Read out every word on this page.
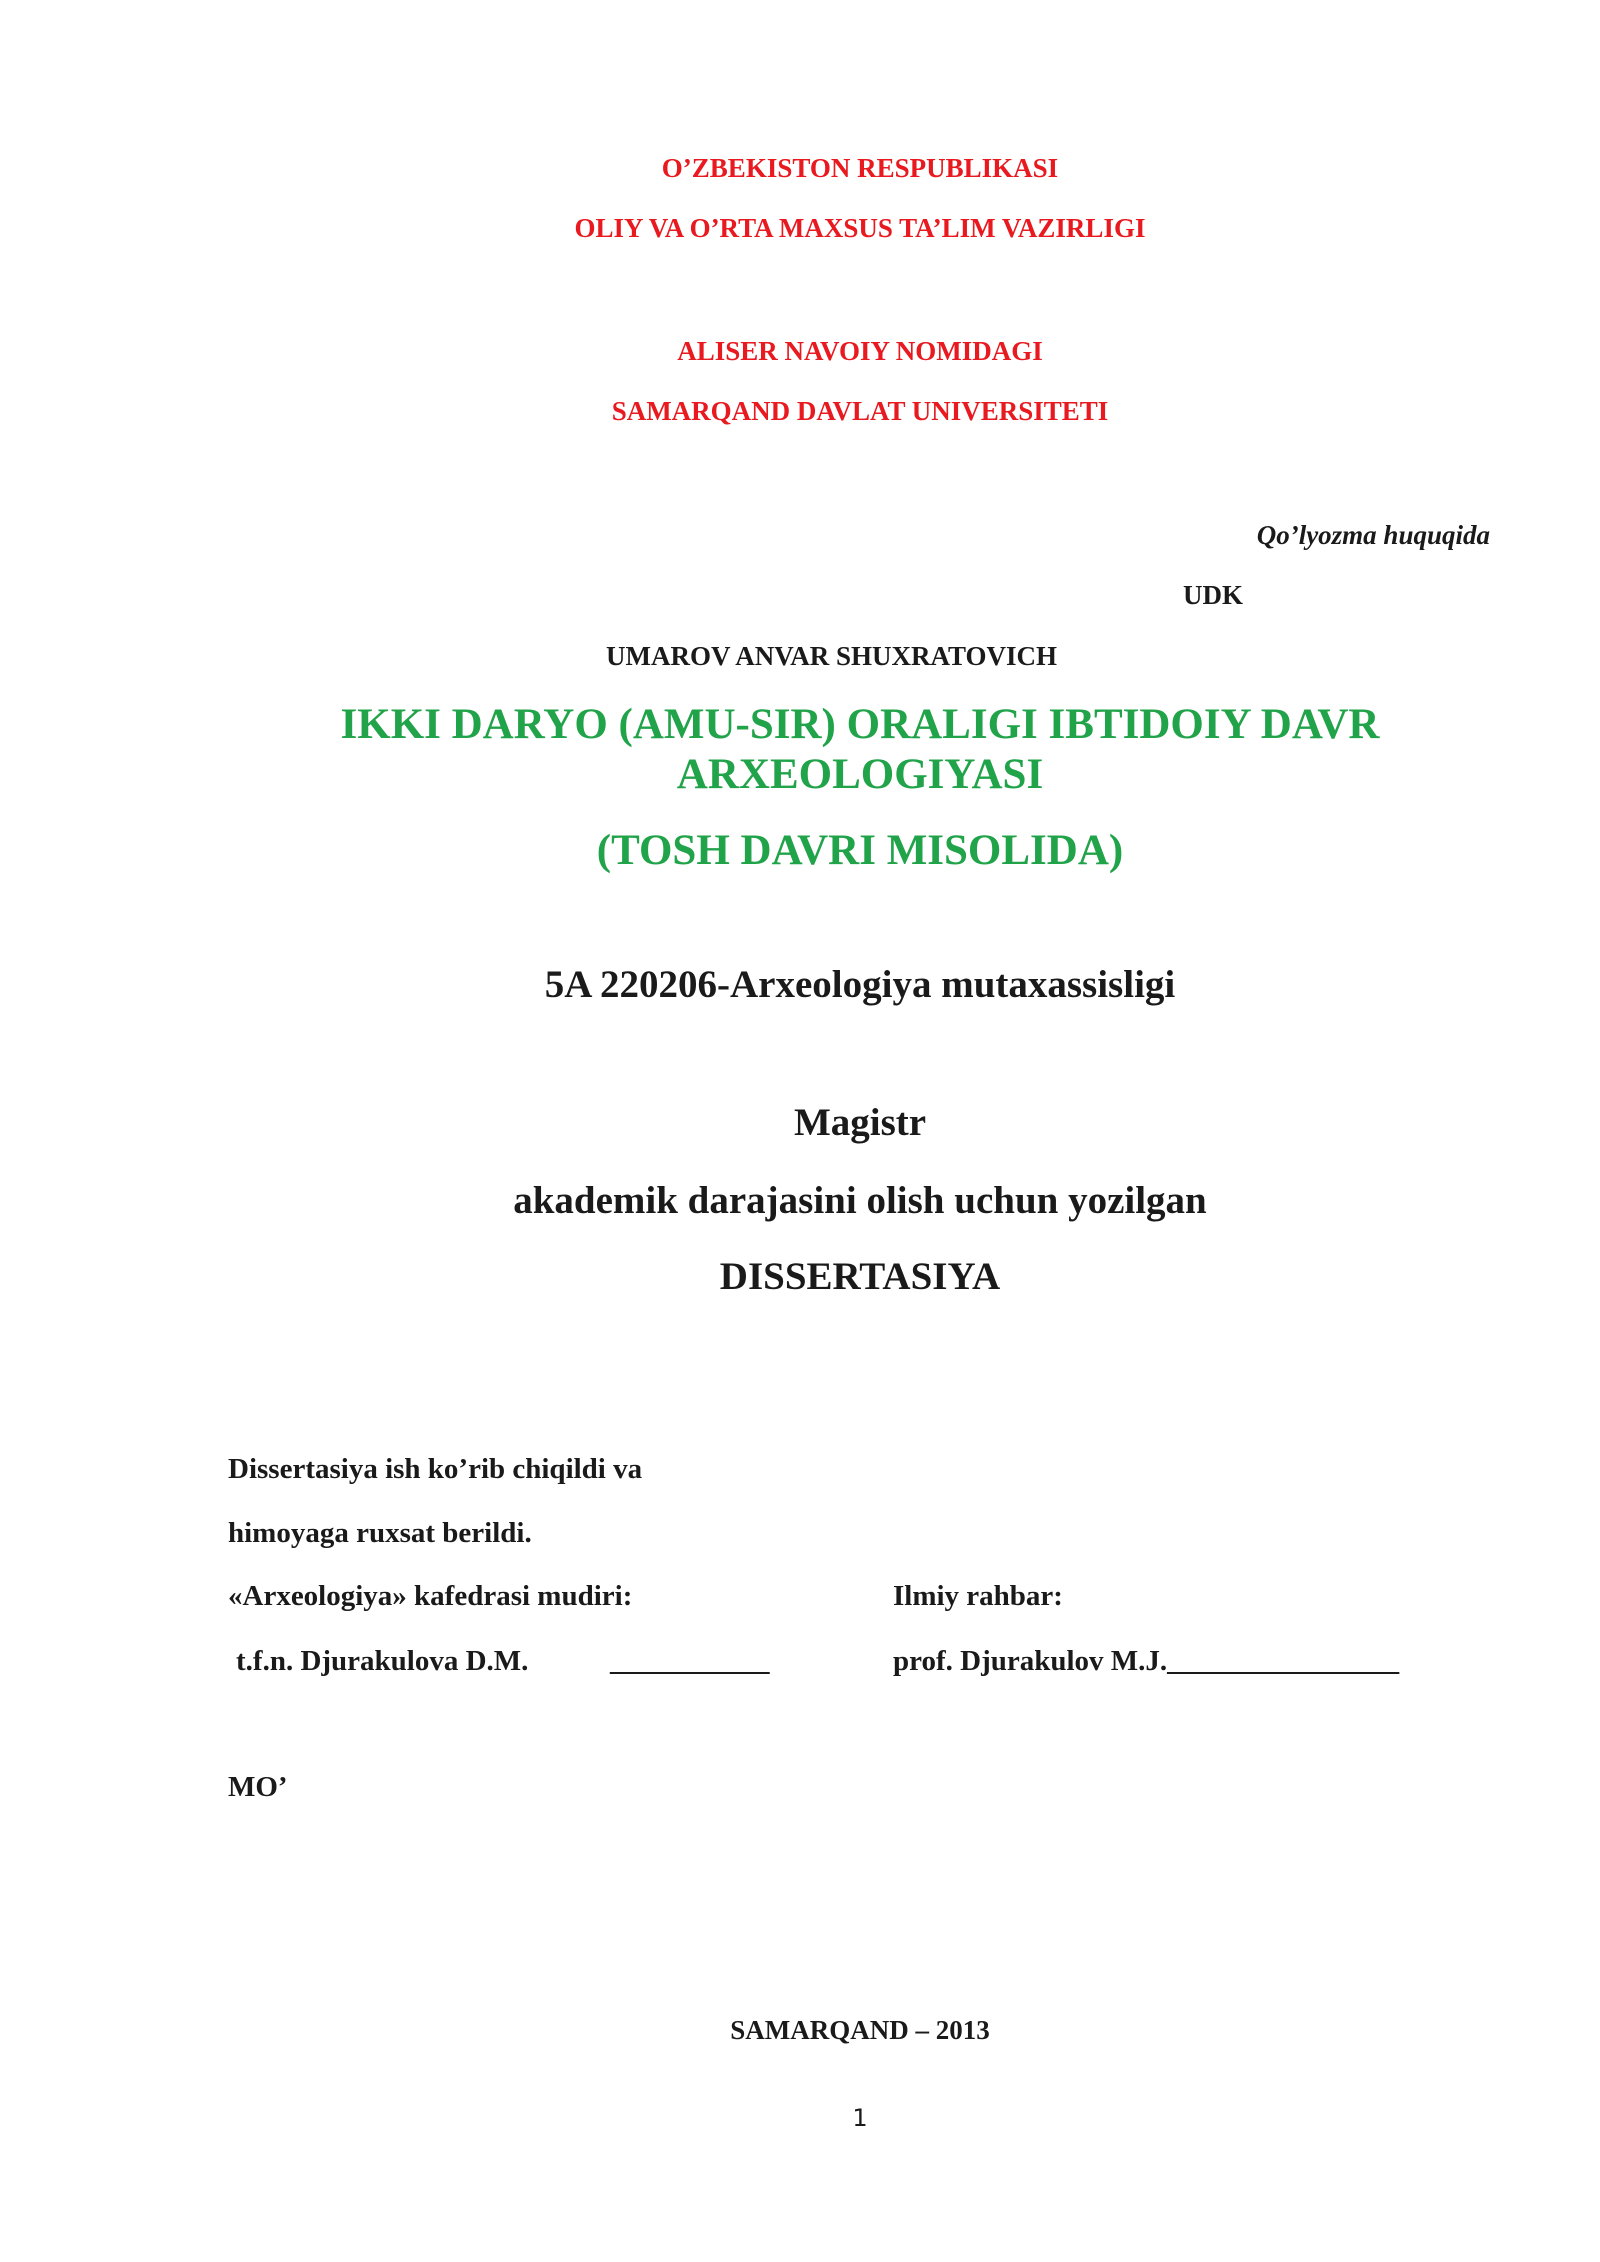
O’ZBEKISTON RESPUBLIKASI
OLIY VA O’RTA MAXSUS TA’LIM VAZIRLIGI
ALISER NAVOIY NOMIDAGI
SAMARQAND DAVLAT UNIVERSITETI
Qo’lyozma huquqida
UDK
UMAROV ANVAR SHUXRATOVICH
IKKI DARYO (AMU-SIR) ORALIGI IBTIDOIY DAVR
ARXEOLOGIYASI
(TOSH DAVRI MISOLIDA)
5A 220206-Arxeologiya mutaxassisligi
Magistr
akademik darajasini olish uchun yozilgan
DISSERTASIYA
Dissertasiya ish ko’rib chiqildi va
himoyaga ruxsat berildi.
«Arxeologiya» kafedrasi mudiri:
t.f.n. Djurakulova D.M.	___________
Ilmiy rahbar:
prof. Djurakulov M.J.________________
MO’
SAMARQAND – 2013
1
